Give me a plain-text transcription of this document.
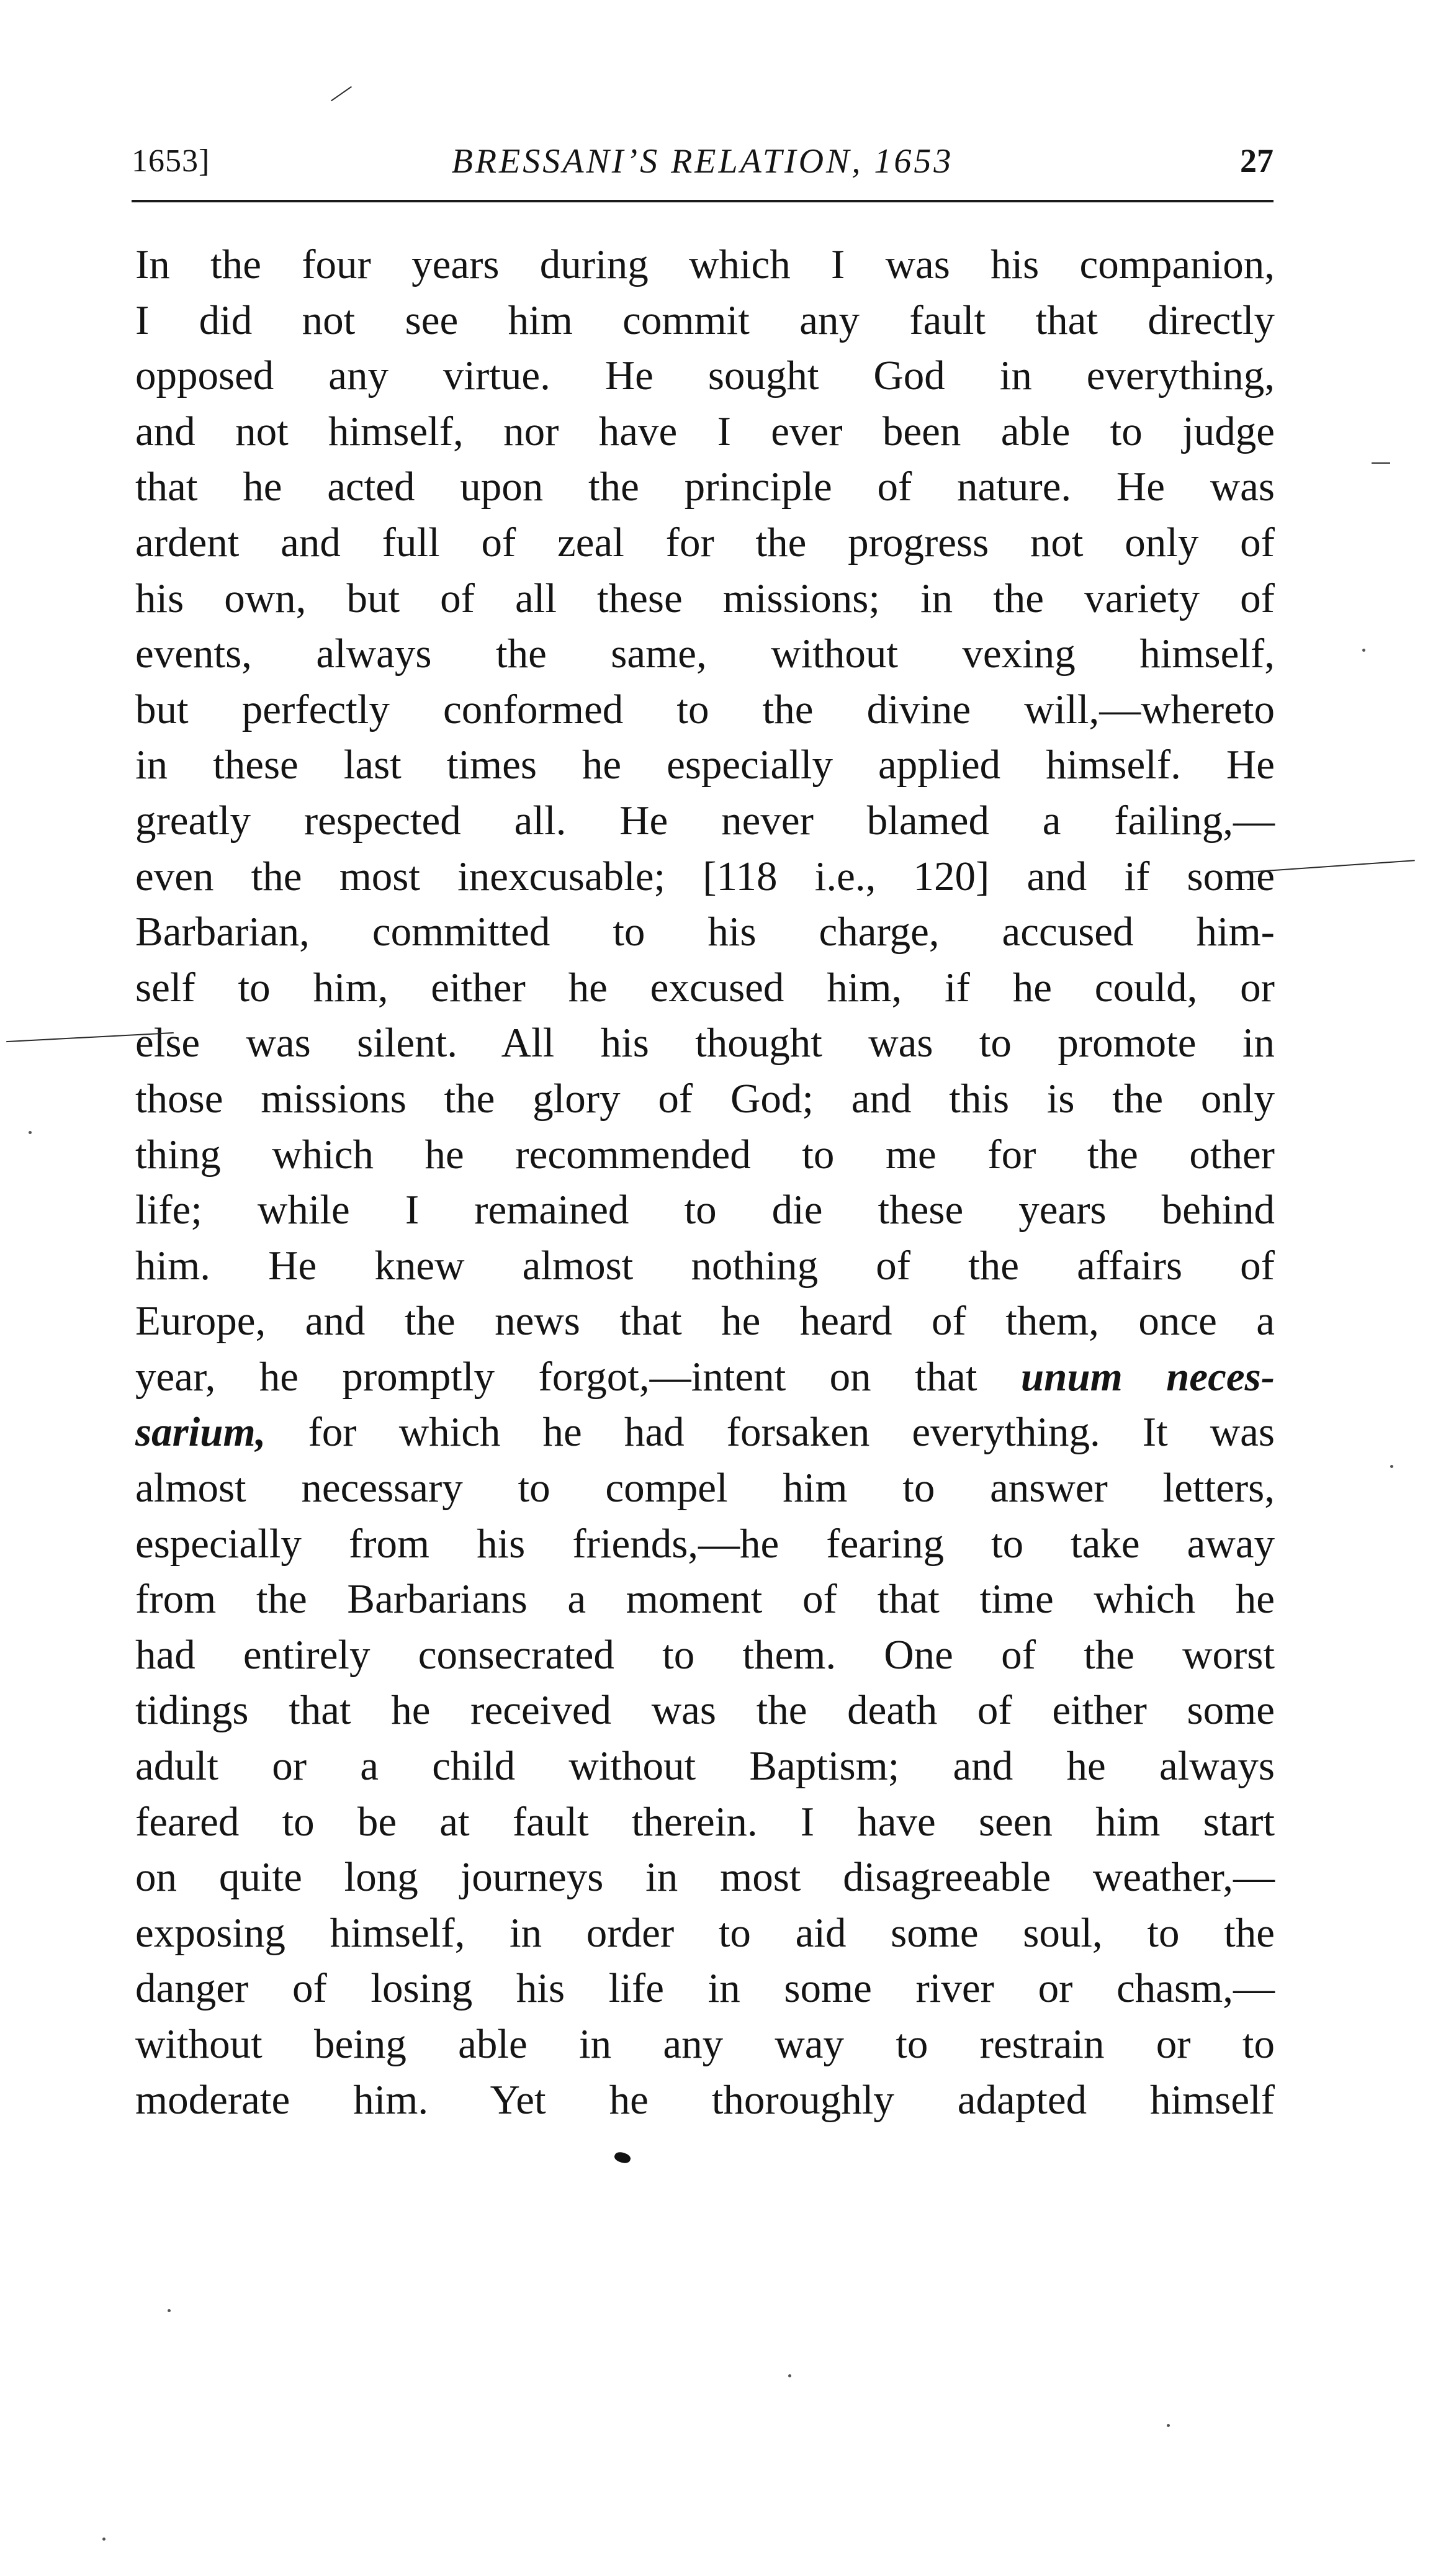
1653]	BRESSANI’S RELATION, 1653	27
In the four years during which I was his companion,
I did not see him commit any fault that directly
opposed any virtue. He sought God in everything,
and not himself, nor have I ever been able to judge
that he acted upon the principle of nature. He was
ardent and full of zeal for the progress not only of
his own, but of all these missions; in the variety of
events, always the same, without vexing himself,
but perfectly conformed to the divine will,—whereto
in these last times he especially applied himself. He
greatly respected all. He never blamed a failing,—
even the most inexcusable; [118 i.e., 120] and if some
Barbarian, committed to his charge, accused him-
self to him, either he excused him, if he could, or
else was silent. All his thought was to promote in
those missions the glory of God; and this is the only
thing which he recommended to me for the other
life; while I remained to die these years behind
him. He knew almost nothing of the affairs of
Europe, and the news that he heard of them, once a
year, he promptly forgot,—intent on that unum neces-
sarium, for which he had forsaken everything. It was
almost necessary to compel him to answer letters,
especially from his friends,—he fearing to take away
from the Barbarians a moment of that time which he
had entirely consecrated to them. One of the worst
tidings that he received was the death of either some
adult or a child without Baptism; and he always
feared to be at fault therein. I have seen him start
on quite long journeys in most disagreeable weather,—
exposing himself, in order to aid some soul, to the
danger of losing his life in some river or chasm,—
without being able in any way to restrain or to
moderate him. Yet he thoroughly adapted himself
